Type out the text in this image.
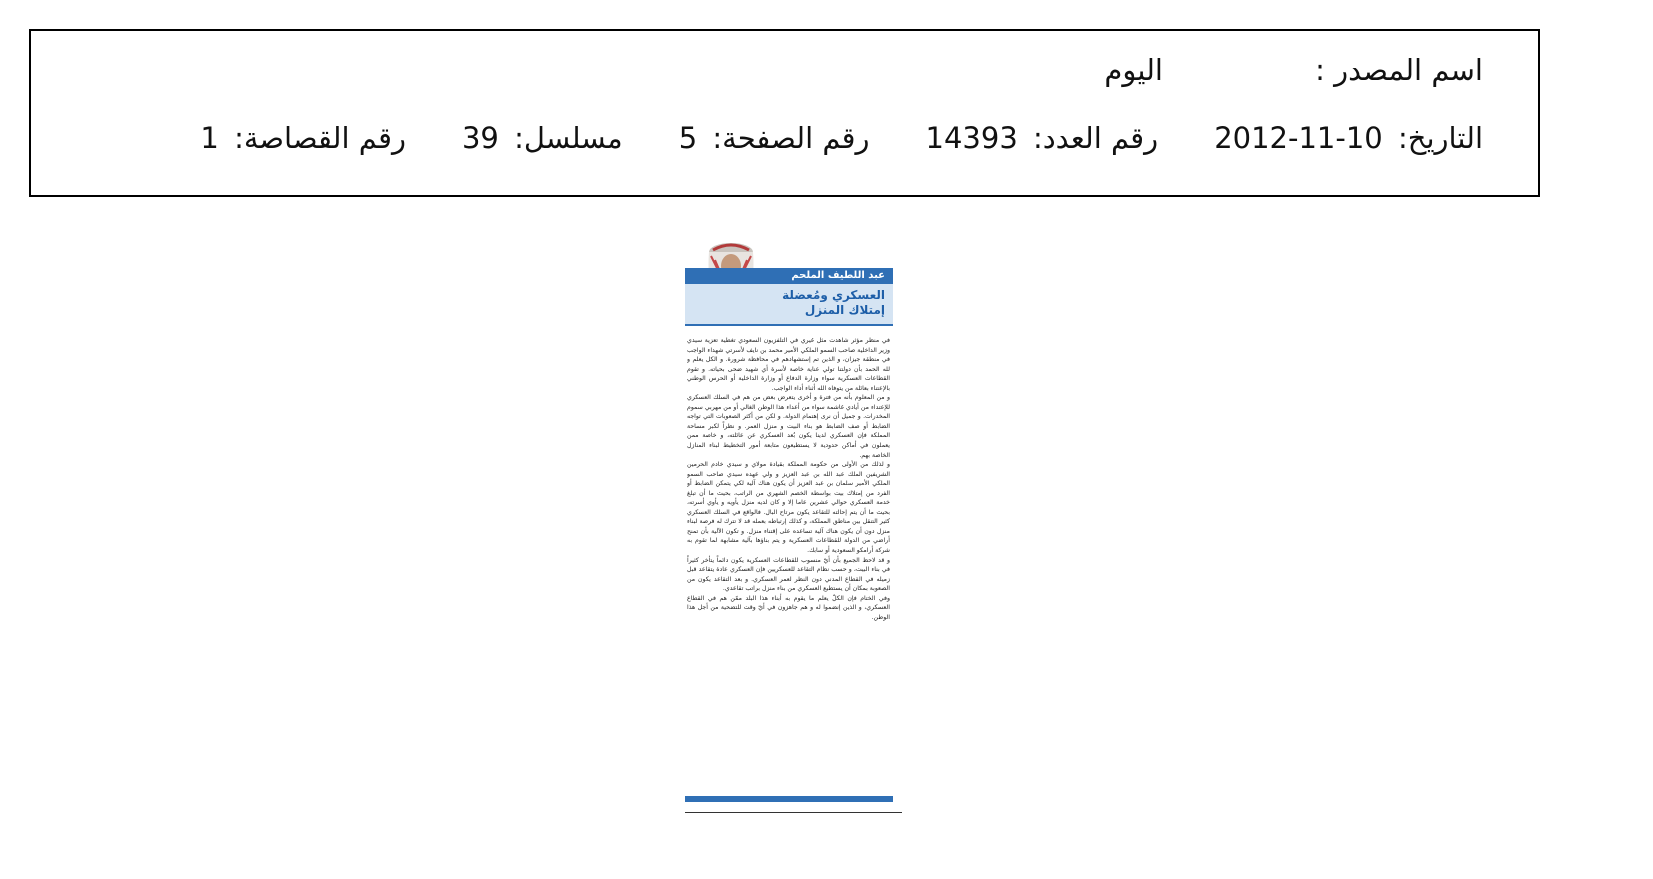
اسم المصدر :
اليوم
التاريخ: 2012-11-10
رقم العدد: 14393
رقم الصفحة: 5
مسلسل: 39
رقم القصاصة: 1
عبد اللطيف الملحم
العسكري ومُعضلة إمتلاك المنزل

في منظر مؤثر شاهدت مثل غيري في التلفزيون السعودي تغطية تعزية سيدي وزير الداخلية صاحب السمو الملكي الأمير محمد بن نايف لأسرتي شهداء الواجب في منطقة جيزان، و الذين تم إستشهادهم في محافظة شرورة. و الكل يعلم و لله الحمد بأن دولتنا تولي عناية خاصة لأسرة أي شهيد ضحى بحياته. و تقوم القطاعات العسكرية سواء وزارة الدفاع أو وزارة الداخلية أو الحرس الوطني بالإعتناء بعائلة من يتوفاه الله أثناء أداء الواجب.

و من المعلوم بأنه من فترة و أخرى يتعرض بعض من هم في السلك العسكري للإعتداء من أيادي غاشمة سواء من أعداء هذا الوطن الغالي أو من مهربي سموم المخدرات. و جميل أن نرى إهتمام الدولة. و لكن من أكثر الصعوبات التي تواجه الضابط أو صف الضابط هو بناء البيت و منزل العمر. و نظراً لكبر مساحة المملكة فإن العسكري لدينا يكون بُعد العسكري عن عائلته، و خاصة ممن يعملون في أماكن حدودية لا يستطيعون متابعة أمور التخطيط لبناء المنازل الخاصة بهم.

و لذلك من الأولى من حكومة المملكة بقيادة مولاي و سيدي خادم الحرمين الشريفين الملك عبد الله بن عبد العزيز و ولي عهده سيدي صاحب السمو الملكي الأمير سلمان بن عبد العزيز أن يكون هناك آلية لكي يتمكن الضابط أو الفرد من إمتلاك بيت بواسطة الخصم الشهري من الراتب، بحيث ما أن تبلغ خدمة العسكري حوالي عشرين عاما إلا و كان لديه منزل يأويه و يأوي أسرته، بحيث ما أن يتم إحالته للتقاعد يكون مرتاح البال. فالواقع في السلك العسكري كثير التنقل بين مناطق المملكة، و كذلك إرتباطه بعمله قد لا تترك له فرصة لبناء منزل دون أن يكون هناك آلية تساعده على إقتناء منزل. و تكون الآلية بأن تمنح أراضي من الدولة للقطاعات العسكرية و يتم بناؤها بآلية مشابهة لما تقوم به شركة أرامكو السعودية أو سابك.

و قد لاحظ الجميع بأن أيّ منسوب للقطاعات العسكرية يكون دائماً يتأخر كثيراً في بناء البيت، و حسب نظام التقاعد للعسكريين فإن العسكري عادة يتقاعد قبل زميله في القطاع المدني دون النظر لعمر العسكري. و بعد التقاعد يكون من الصعوبة بمكان أن يستطيع العسكري من بناء منزل براتب تقاعدي.

وفي الختام فإن الكلّ يعلم ما يقوم به أبناء هذا البلد ممّن هم في القطاع العسكري، و الذين إنضموا له و هم جاهزون في أيّ وقت للتضحية من أجل هذا الوطن.
